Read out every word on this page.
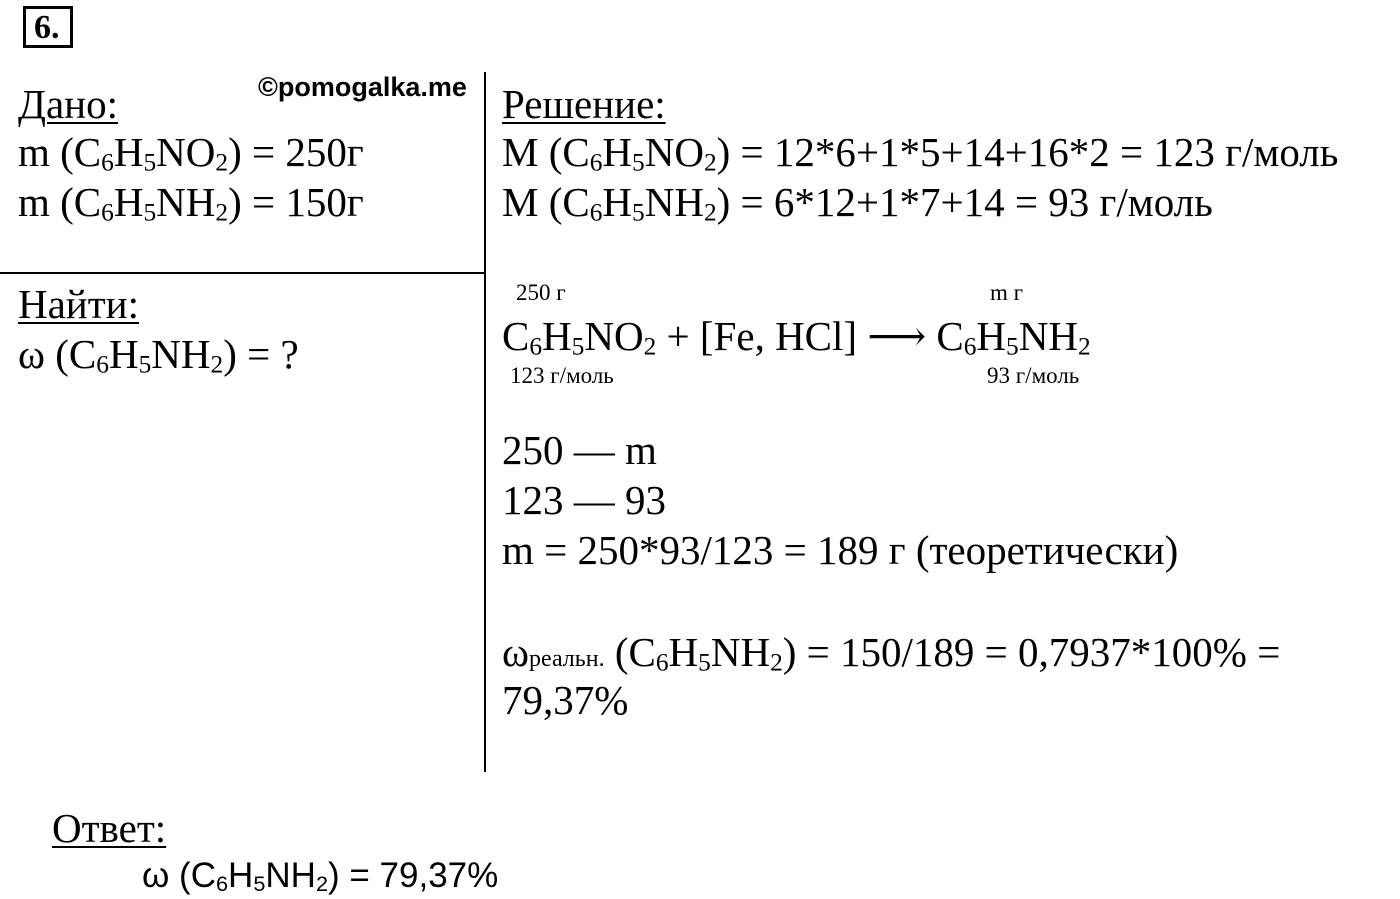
6.
©pomogalka.me
Дано:
m $(C_6H_5NO_2) = 250г$
m $(C_6H_5NH_2) = 150г$
Найти:
ω $(C_6H_5NH_2)$ = ?
Решение:
M $(C_6H_5NO_2) = 12*6+1*5+14+16*2 = 123$ г/моль
M $(C_6H_5NH_2) = 6*12+1*7+14 = 93$ г/моль
250 г	m г
$C_6H_5NO_2 + [Fe$, HCl] ⟶ $C_6H_5NH_2$
123 г/моль	93 г/моль
250 — m
123 — 93
m = 250*93/123 = 189 г (теоретически)
ωреальн. $(C_6H_5NH_2) = 150/189 = 0,7937*100\%$ =
79,37%
Ответ:
ω $(C_6H_5NH_2) = 79,37\%$
